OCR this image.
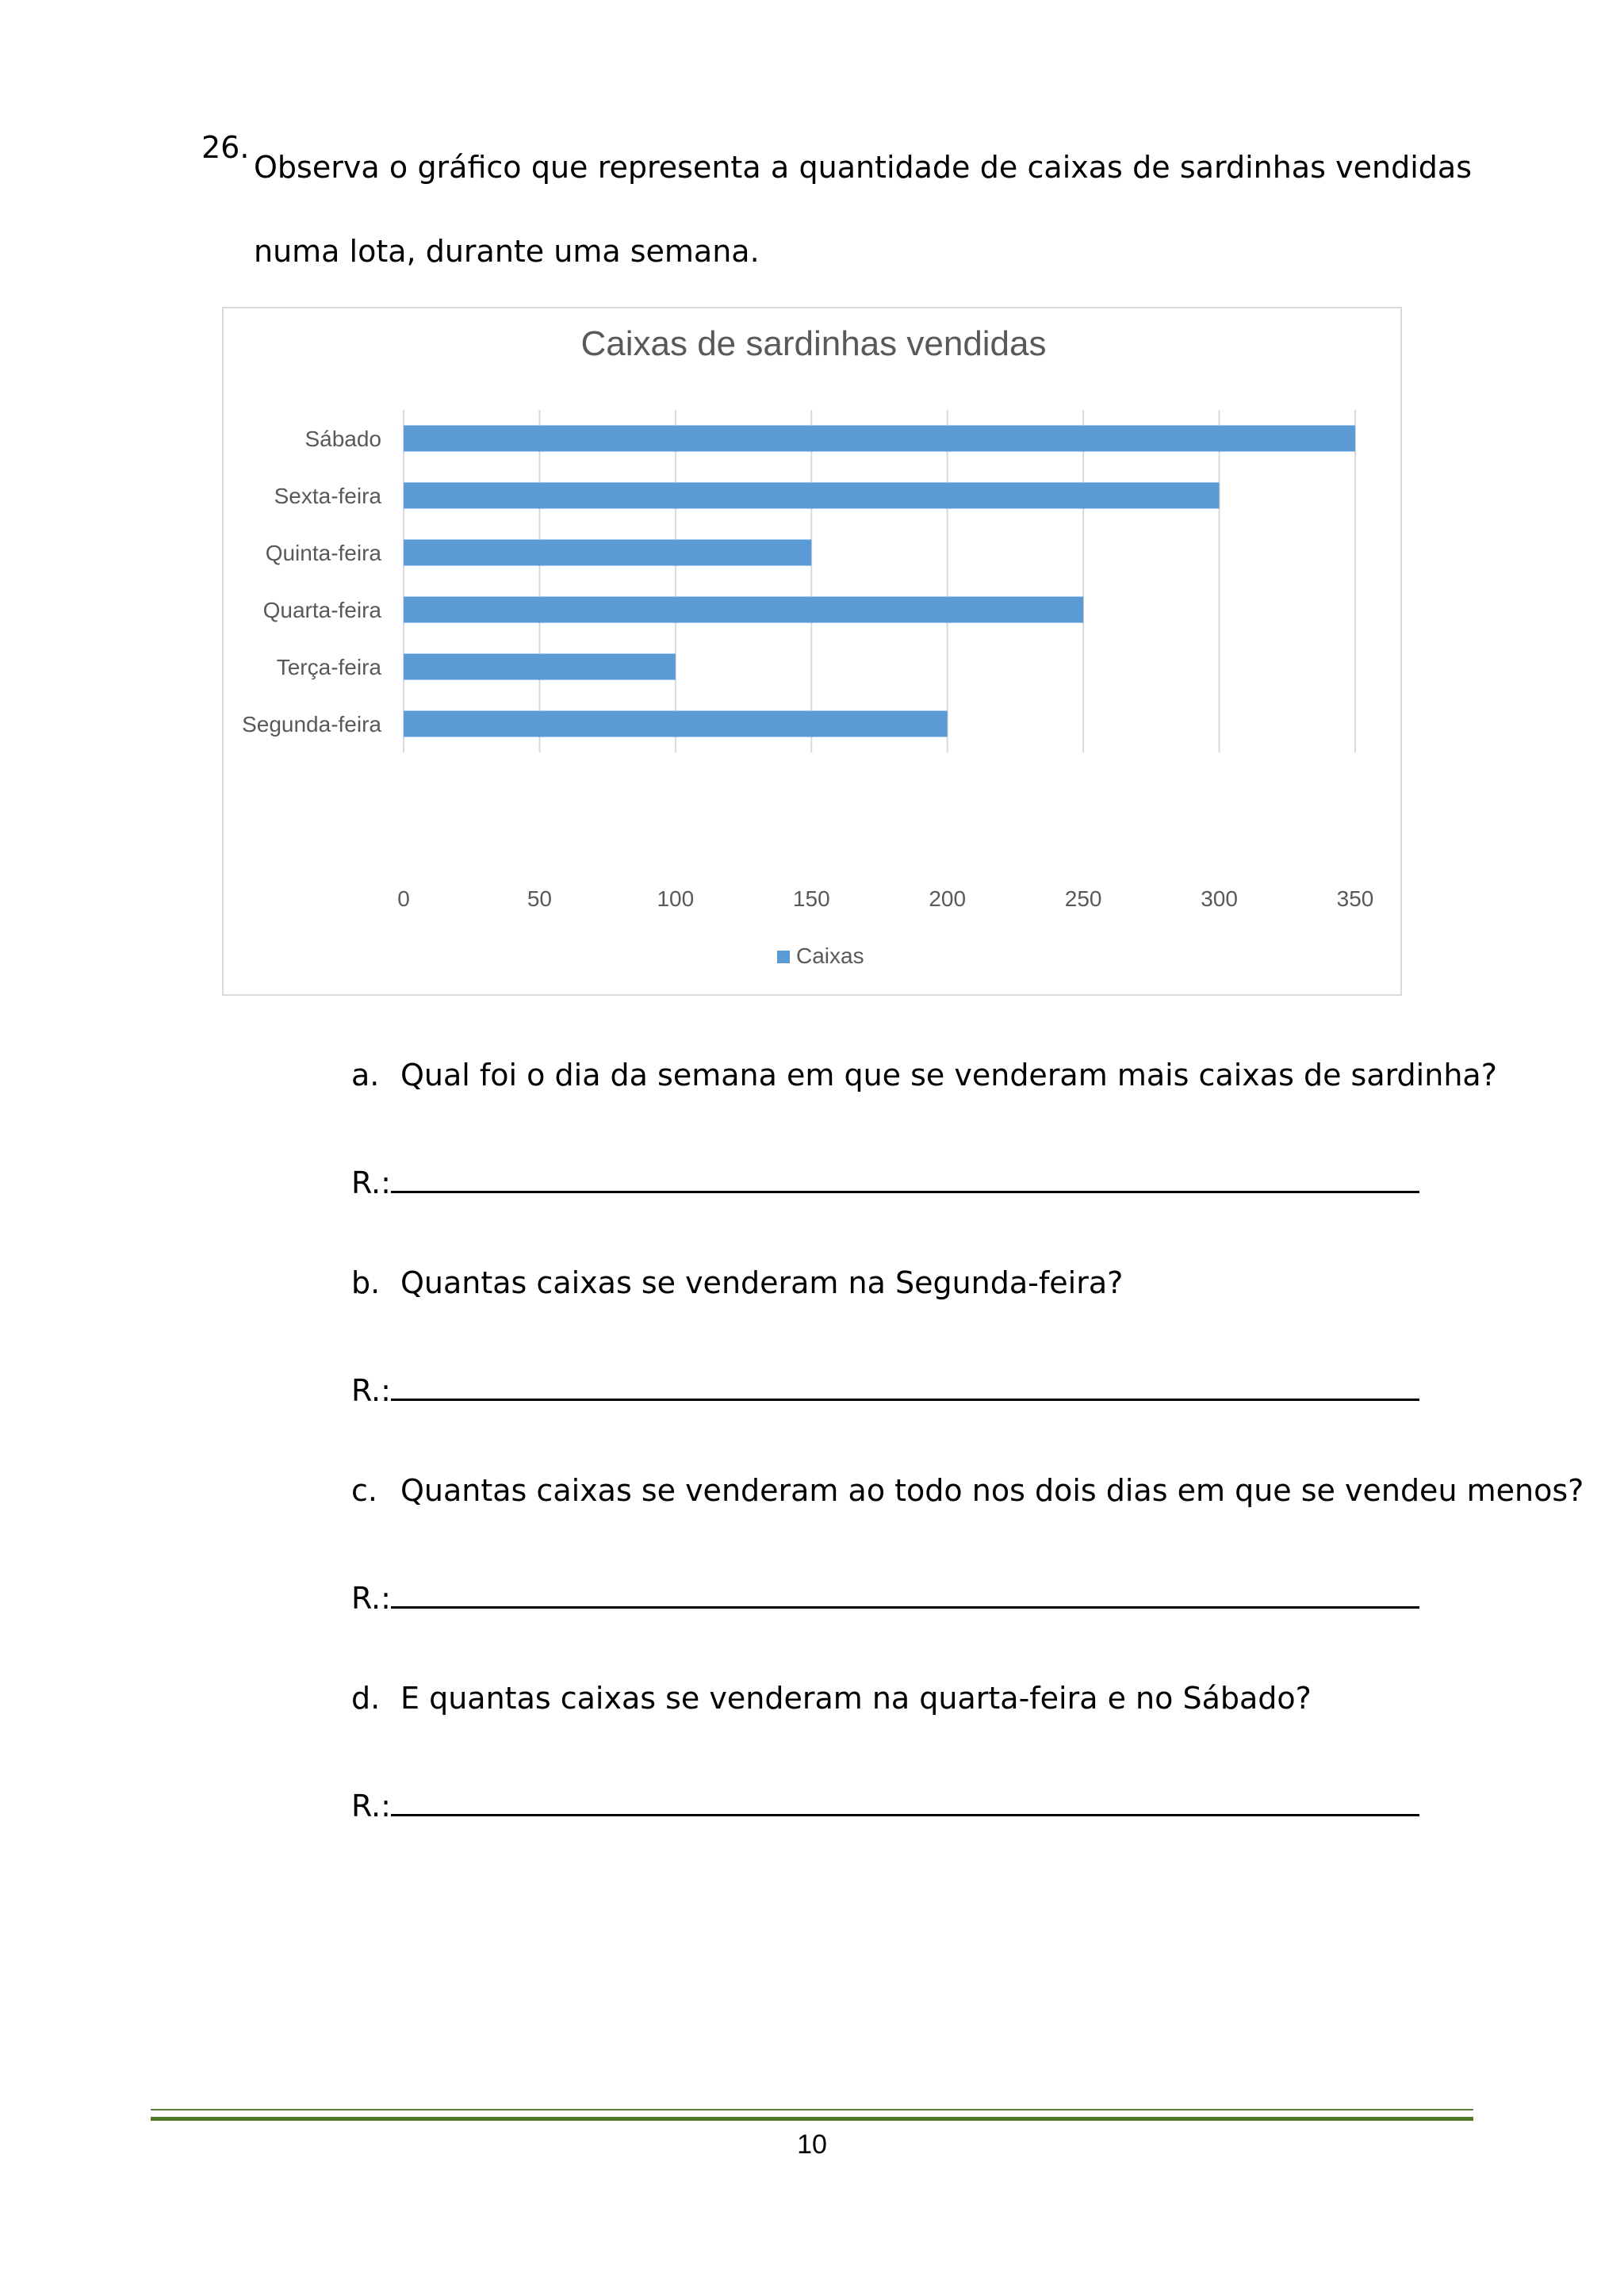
26.
Observa o gráfico que representa a quantidade de caixas de sardinhas vendidas numa lota, durante uma semana.
Caixas de sardinhas vendidas
Segunda-feira
Terça-feira
Quarta-feira
Quinta-feira
Sexta-feira
Sábado
0	50	100	150	200	250	300	350
Caixas
a. Qual foi o dia da semana em que se venderam mais caixas de sardinha?
R.:
b. Quantas caixas se venderam na Segunda-feira?
R.:
c. Quantas caixas se venderam ao todo nos dois dias em que se vendeu menos?
R.:
d. E quantas caixas se venderam na quarta-feira e no Sábado?
R.:
10
